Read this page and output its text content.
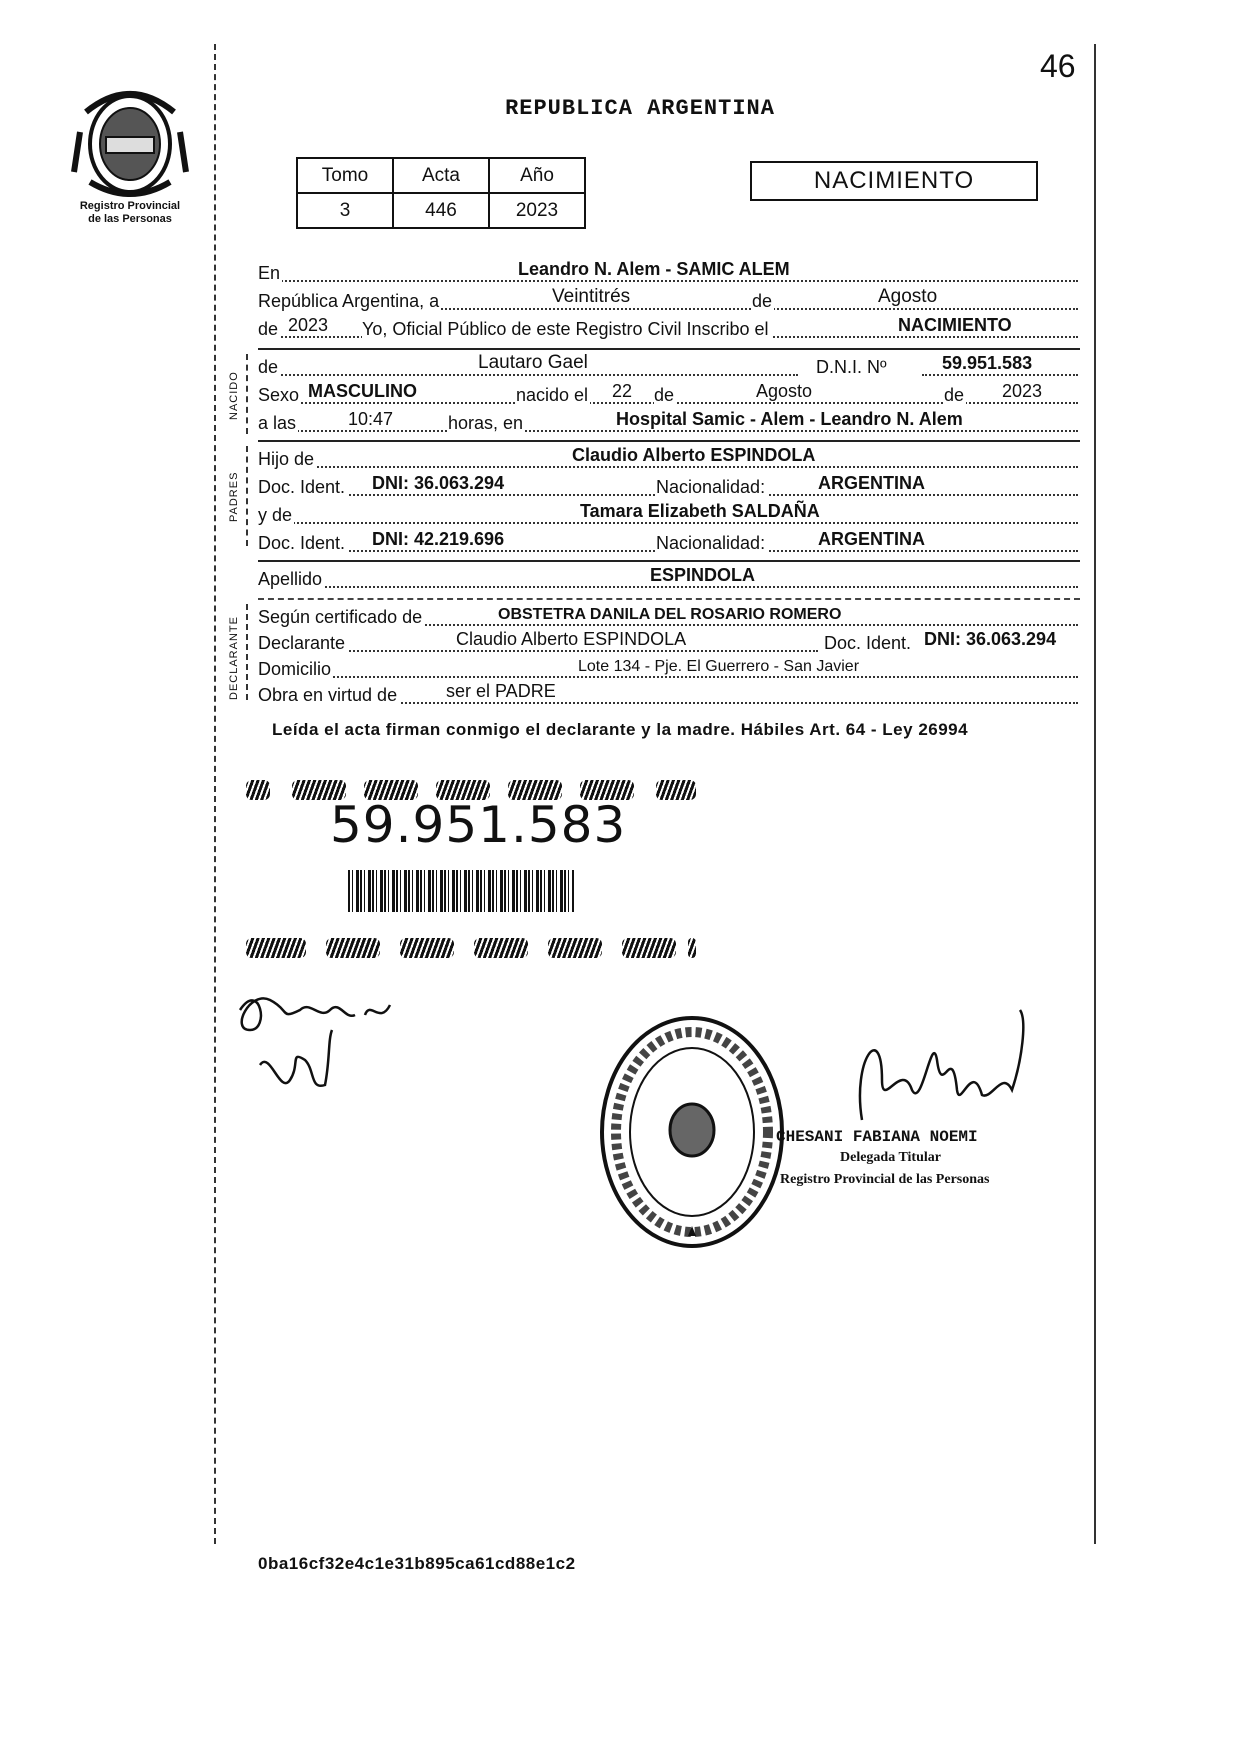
46
REPUBLICA ARGENTINA
Registro Provincial
de las Personas
Tomo	Acta	Año
3	446	2023
NACIMIENTO
En	Leandro N. Alem - SAMIC ALEM
República Argentina, a	Veintitrés	de	Agosto
de 2023 Yo, Oficial Público de este Registro Civil Inscribo el	NACIMIENTO
NACIDO
de	Lautaro Gael	D.N.I. Nº	59.951.583
Sexo MASCULINO	nacido el 22 de	Agosto	de 2023
a las	10:47	horas, en	Hospital Samic - Alem - Leandro N. Alem
PADRES
Hijo de	Claudio Alberto ESPINDOLA
Doc. Ident. DNI: 36.063.294	Nacionalidad:	ARGENTINA
y de	Tamara Elizabeth SALDAÑA
Doc. Ident. DNI: 42.219.696	Nacionalidad:	ARGENTINA
Apellido	ESPINDOLA
DECLARANTE Según certificado de	OBSTETRA DANILA DEL ROSARIO ROMERO
Declarante	Claudio Alberto ESPINDOLA	Doc. Ident. DNI: 36.063.294
Domicilio	Lote 134 - Pje. El Guerrero - San Javier
Obra en virtud de	ser el PADRE
Leída el acta firman conmigo el declarante y la madre. Hábiles Art. 64 - Ley 26994
59.951.583
CHESANI FABIANA NOEMI
Delegada Titular
Registro Provincial de las Personas
0ba16cf32e4c1e31b895ca61cd88e1c2
